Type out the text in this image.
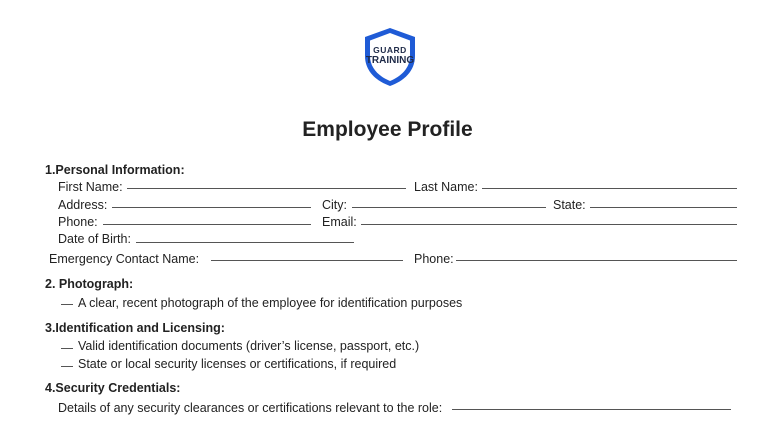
GUARD
TRAINING
Employee Profile
1.Personal Information:
First Name:	Last Name:
Address:	City:	State:
Phone:	Email:
Date of Birth:
Emergency Contact Name:	Phone:
2. Photograph:
A clear, recent photograph of the employee for identification purposes
3.Identification and Licensing:
Valid identification documents (driver’s license, passport, etc.)
State or local security licenses or certifications, if required
4.Security Credentials:
Details of any security clearances or certifications relevant to the role:
